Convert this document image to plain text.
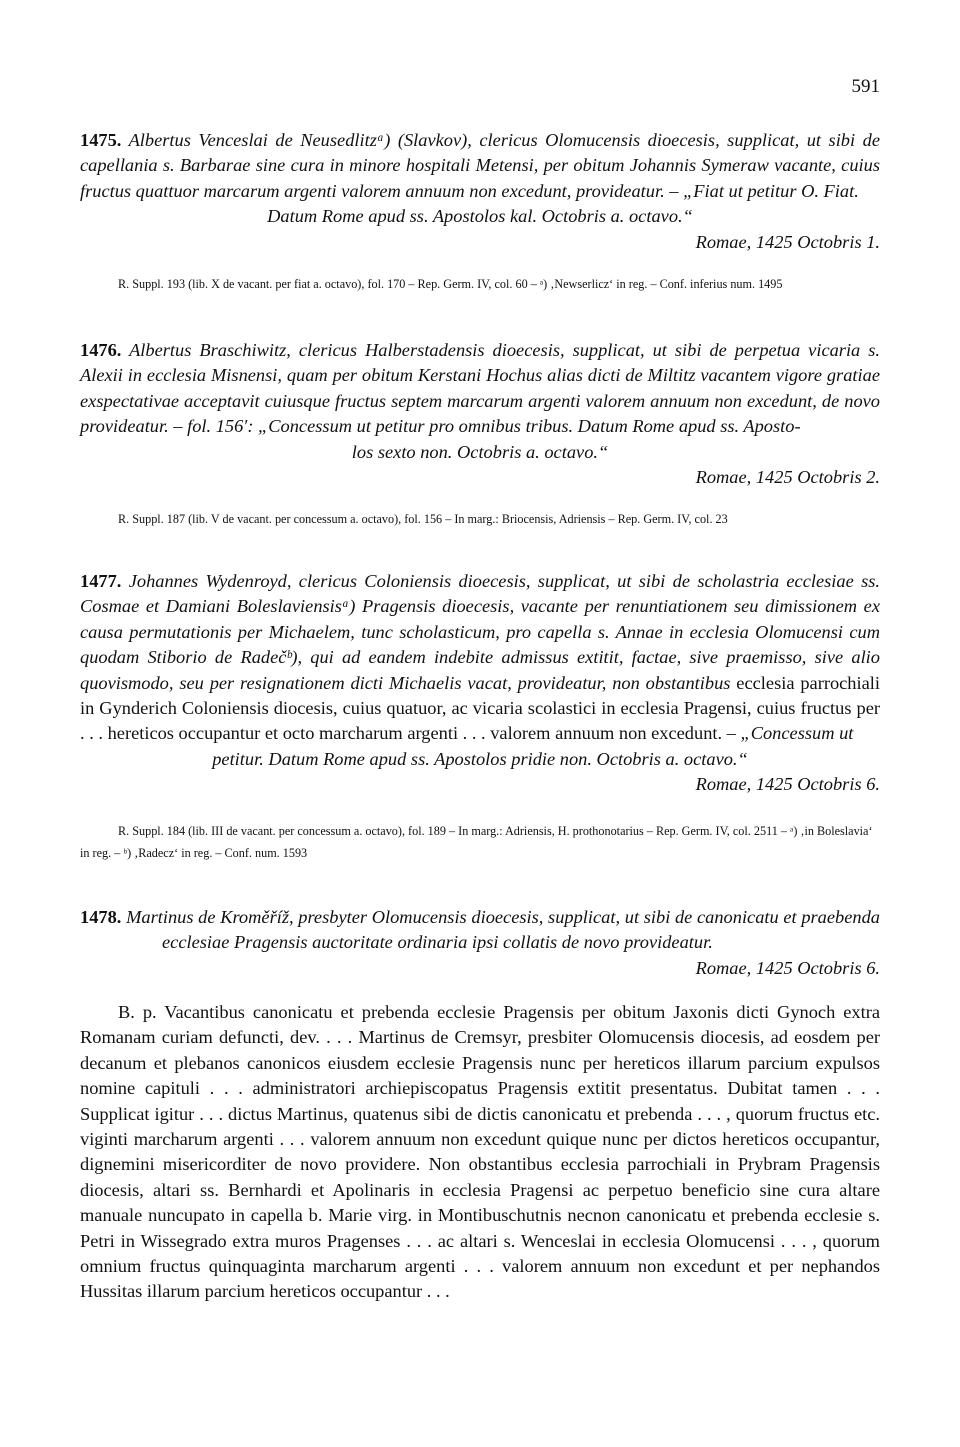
591
1475. Albertus Venceslai de Neusedlitzᵃ) (Slavkov), clericus Olomucensis dioecesis, supplicat, ut sibi de capellania s. Barbarae sine cura in minore hospitali Metensi, per obitum Johannis Symeraw vacante, cuius fructus quattuor marcarum argenti valorem annuum non excedunt, provideatur. – „Fiat ut petitur O. Fiat.
Datum Rome apud ss. Apostolos kal. Octobris a. octavo.“
Romae, 1425 Octobris 1.
R. Suppl. 193 (lib. X de vacant. per fiat a. octavo), fol. 170 – Rep. Germ. IV, col. 60 – ᵃ) ‚Newserlicz‘ in reg. – Conf. inferius num. 1495
1476. Albertus Braschiwitz, clericus Halberstadensis dioecesis, supplicat, ut sibi de perpetua vicaria s. Alexii in ecclesia Misnensi, quam per obitum Kerstani Hochus alias dicti de Miltitz vacantem vigore gratiae exspectativae acceptavit cuiusque fructus septem marcarum argenti valorem annuum non excedunt, de novo provideatur. – fol. 156′: „Concessum ut petitur pro omnibus tribus. Datum Rome apud ss. Aposto-
los sexto non. Octobris a. octavo.“
Romae, 1425 Octobris 2.
R. Suppl. 187 (lib. V de vacant. per concessum a. octavo), fol. 156 – In marg.: Briocensis, Adriensis – Rep. Germ. IV, col. 23
1477. Johannes Wydenroyd, clericus Coloniensis dioecesis, supplicat, ut sibi de scholastria ecclesiae ss. Cosmae et Damiani Boleslaviensisᵃ) Pragensis dioecesis, vacante per renuntiationem seu dimissionem ex causa permutationis per Michaelem, tunc scholasticum, pro capella s. Annae in ecclesia Olomucensi cum quodam Stiborio de Radečᵇ), qui ad eandem indebite admissus extitit, factae, sive praemisso, sive alio quovismodo, seu per resignationem dicti Michaelis vacat, provideatur, non obstantibus ecclesia parrochiali in Gynderich Coloniensis diocesis, cuius quatuor, ac vicaria scolastici in ecclesia Pragensi, cuius fructus per . . . hereticos occupantur et octo marcharum argenti . . . valorem annuum non excedunt. – „Concessum ut
petitur. Datum Rome apud ss. Apostolos pridie non. Octobris a. octavo.“
Romae, 1425 Octobris 6.
R. Suppl. 184 (lib. III de vacant. per concessum a. octavo), fol. 189 – In marg.: Adriensis, H. prothonotarius – Rep. Germ. IV, col. 2511 – ᵃ) ‚in Boleslavia‘ in reg. – ᵇ) ‚Radecz‘ in reg. – Conf. num. 1593
1478. Martinus de Kroměříž, presbyter Olomucensis dioecesis, supplicat, ut sibi de canonicatu et praebenda ecclesiae Pragensis auctoritate ordinaria ipsi collatis de novo provideatur.
Romae, 1425 Octobris 6.
B. p. Vacantibus canonicatu et prebenda ecclesie Pragensis per obitum Jaxonis dicti Gynoch extra Romanam curiam defuncti, dev. . . . Martinus de Cremsyr, presbiter Olomucensis diocesis, ad eosdem per decanum et plebanos canonicos eiusdem ecclesie Pragensis nunc per hereticos illarum parcium expulsos nomine capituli . . . administratori archiepiscopatus Pragensis extitit presentatus. Dubitat tamen . . . Supplicat igitur . . . dictus Martinus, quatenus sibi de dictis canonicatu et prebenda . . . , quorum fructus etc. viginti marcharum argenti . . . valorem annuum non excedunt quique nunc per dictos hereticos occupantur, dignemini misericorditer de novo providere. Non obstantibus ecclesia parrochiali in Prybram Pragensis diocesis, altari ss. Bernhardi et Apolinaris in ecclesia Pragensi ac perpetuo beneficio sine cura altare manuale nuncupato in capella b. Marie virg. in Montibuschutnis necnon canonicatu et prebenda ecclesie s. Petri in Wissegrado extra muros Pragenses . . . ac altari s. Wenceslai in ecclesia Olomucensi . . . , quorum omnium fructus quinquaginta marcharum argenti . . . valorem annuum non excedunt et per nephandos Hussitas illarum parcium hereticos occupantur . . .
